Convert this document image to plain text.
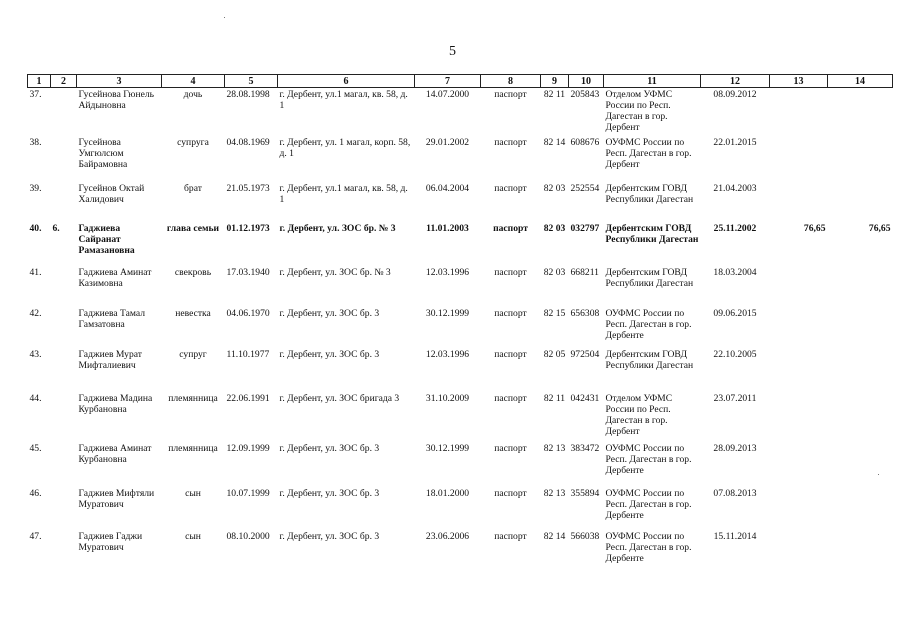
5
1	2	3	4	5	6	7	8	9	10	11	12	13	14
37.		Гусейнова Гюнель Айдыновна	дочь	28.08.1998	г. Дербент, ул.1 магал, кв. 58, д. 1	14.07.2000	паспорт	82 11	205843	Отделом УФМС России по Респ. Дагестан в гор. Дербент	08.09.2012		
38.		Гусейнова Умгюлсюм Байрамовна	супруга	04.08.1969	г. Дербент, ул. 1 магал, корп. 58, д. 1	29.01.2002	паспорт	82 14	608676	ОУФМС России по Респ. Дагестан в гор. Дербент	22.01.2015		
39.		Гусейнов Октай Халидович	брат	21.05.1973	г. Дербент, ул.1 магал, кв. 58, д. 1	06.04.2004	паспорт	82 03	252554	Дербентским ГОВД Республики Дагестан	21.04.2003		
40.	6.	Гаджиева Сайранат Рамазановна	глава семьи	01.12.1973	г. Дербент, ул. ЗОС бр. № 3	11.01.2003	паспорт	82 03	032797	Дербентским ГОВД Республики Дагестан	25.11.2002	76,65	76,65
41.		Гаджиева Аминат Казимовна	свекровь	17.03.1940	г. Дербент, ул. ЗОС бр. № 3	12.03.1996	паспорт	82 03	668211	Дербентским ГОВД Республики Дагестан	18.03.2004		
42.		Гаджиева Тамал Гамзатовна	невестка	04.06.1970	г. Дербент, ул. ЗОС бр. 3	30.12.1999	паспорт	82 15	656308	ОУФМС России по Респ. Дагестан в гор. Дербенте	09.06.2015		
43.		Гаджиев Мурат Мифталиевич	супруг	11.10.1977	г. Дербент, ул. ЗОС бр. 3	12.03.1996	паспорт	82 05	972504	Дербентским ГОВД Республики Дагестан	22.10.2005		
44.		Гаджиева Мадина Курбановна	племянница	22.06.1991	г. Дербент, ул. ЗОС бригада 3	31.10.2009	паспорт	82 11	042431	Отделом УФМС России по Респ. Дагестан в гор. Дербент	23.07.2011		
45.		Гаджиева Аминат Курбановна	племянница	12.09.1999	г. Дербент, ул. ЗОС бр. 3	30.12.1999	паспорт	82 13	383472	ОУФМС России по Респ. Дагестан в гор. Дербенте	28.09.2013		
46.		Гаджиев Мифтяли Муратович	сын	10.07.1999	г. Дербент, ул. ЗОС бр. 3	18.01.2000	паспорт	82 13	355894	ОУФМС России по Респ. Дагестан в гор. Дербенте	07.08.2013		
47.		Гаджиев Гаджи Муратович	сын	08.10.2000	г. Дербент, ул. ЗОС бр. 3	23.06.2006	паспорт	82 14	566038	ОУФМС России по Респ. Дагестан в гор. Дербенте	15.11.2014		
